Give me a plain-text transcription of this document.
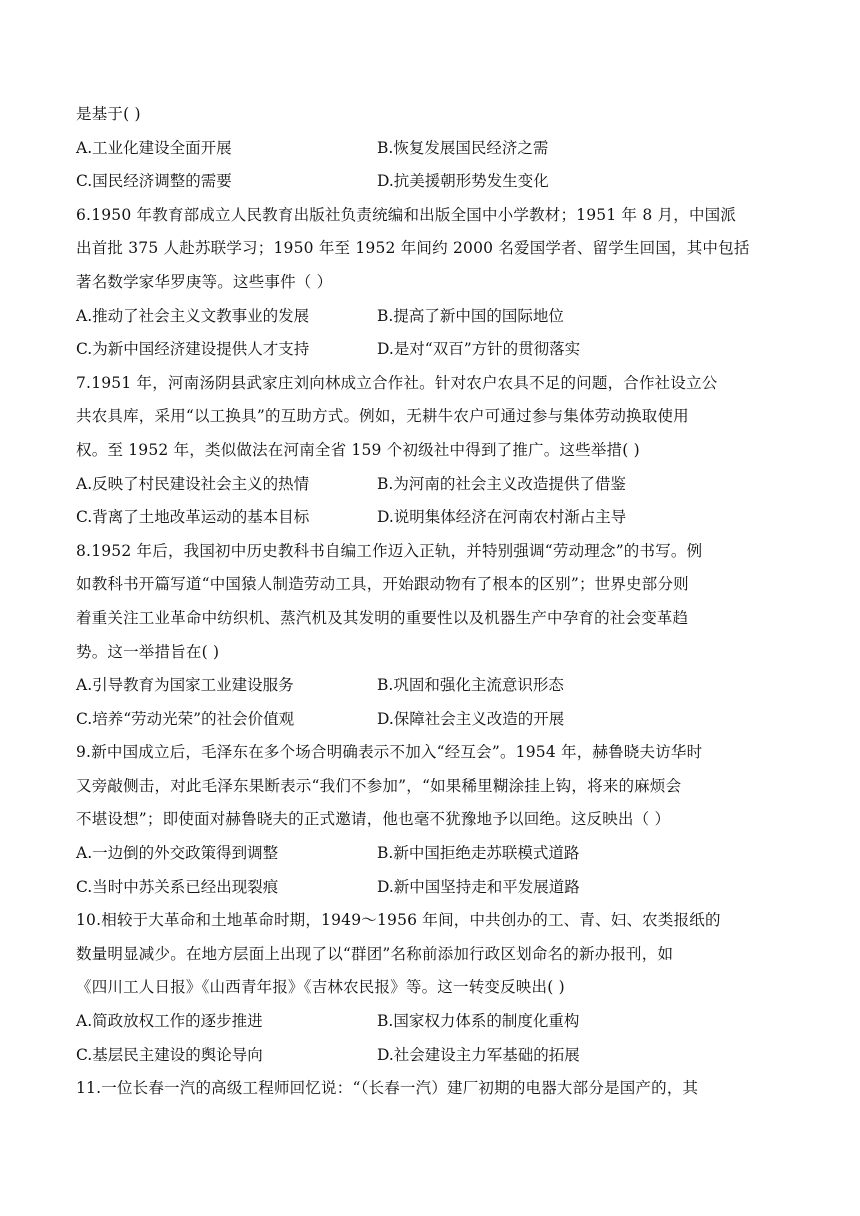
是基于( )
A.工业化建设全面开展	B.恢复发展国民经济之需
C.国民经济调整的需要	D.抗美援朝形势发生变化
6.1950 年教育部成立人民教育出版社负责统编和出版全国中小学教材；1951 年 8 月，中国派
出首批 375 人赴苏联学习；1950 年至 1952 年间约 2000 名爱国学者、留学生回国，其中包括
著名数学家华罗庚等。这些事件（ ）
A.推动了社会主义文教事业的发展	B.提高了新中国的国际地位
C.为新中国经济建设提供人才支持	D.是对“双百”方针的贯彻落实
7.1951 年，河南汤阴县武家庄刘向林成立合作社。针对农户农具不足的问题，合作社设立公
共农具库，采用“以工换具”的互助方式。例如，无耕牛农户可通过参与集体劳动换取使用
权。至 1952 年，类似做法在河南全省 159 个初级社中得到了推广。这些举措( )
A.反映了村民建设社会主义的热情	B.为河南的社会主义改造提供了借鉴
C.背离了土地改革运动的基本目标	D.说明集体经济在河南农村渐占主导
8.1952 年后，我国初中历史教科书自编工作迈入正轨，并特别强调“劳动理念”的书写。例
如教科书开篇写道“中国猿人制造劳动工具，开始跟动物有了根本的区别”；世界史部分则
着重关注工业革命中纺织机、蒸汽机及其发明的重要性以及机器生产中孕育的社会变革趋
势。这一举措旨在( )
A.引导教育为国家工业建设服务	B.巩固和强化主流意识形态
C.培养“劳动光荣”的社会价值观	D.保障社会主义改造的开展
9.新中国成立后，毛泽东在多个场合明确表示不加入“经互会”。1954 年，赫鲁晓夫访华时
又旁敲侧击，对此毛泽东果断表示“我们不参加”，“如果稀里糊涂挂上钩，将来的麻烦会
不堪设想”；即使面对赫鲁晓夫的正式邀请，他也毫不犹豫地予以回绝。这反映出（ ）
A.一边倒的外交政策得到调整	B.新中国拒绝走苏联模式道路
C.当时中苏关系已经出现裂痕	D.新中国坚持走和平发展道路
10.相较于大革命和土地革命时期，1949～1956 年间，中共创办的工、青、妇、农类报纸的
数量明显减少。在地方层面上出现了以“群团”名称前添加行政区划命名的新办报刊，如
《四川工人日报》《山西青年报》《吉林农民报》等。这一转变反映出( )
A.简政放权工作的逐步推进	B.国家权力体系的制度化重构
C.基层民主建设的舆论导向	D.社会建设主力军基础的拓展
11.一位长春一汽的高级工程师回忆说：“（长春一汽）建厂初期的电器大部分是国产的，其
